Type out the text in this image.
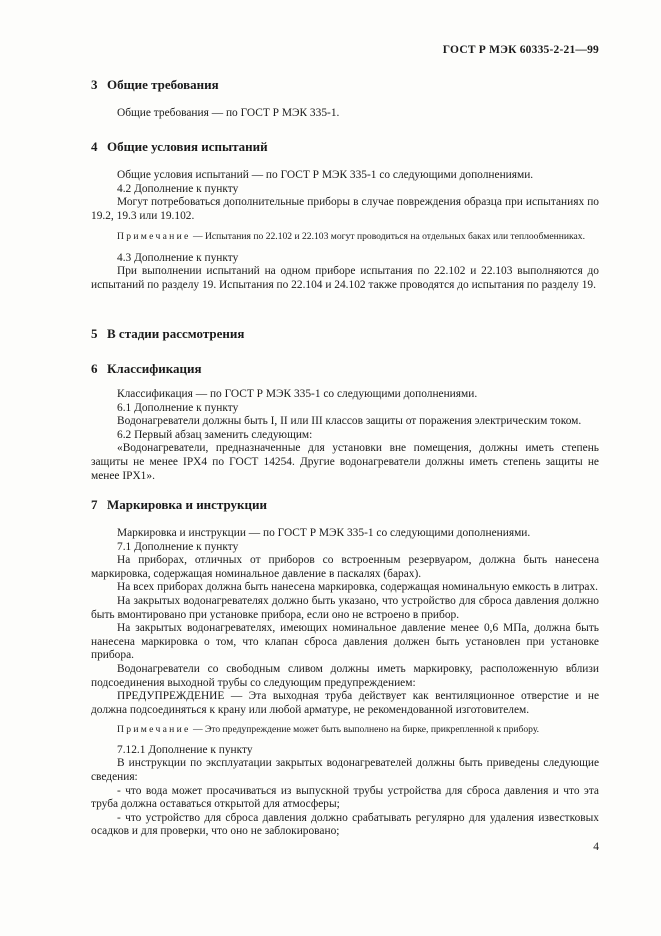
ГОСТ Р МЭК 60335-2-21—99
3 Общие требования

Общие требования — по ГОСТ Р МЭК 335-1.

4 Общие условия испытаний

Общие условия испытаний — по ГОСТ Р МЭК 335-1 со следующими дополнениями.

4.2 Дополнение к пункту

Могут потребоваться дополнительные приборы в случае повреждения образца при испытаниях по 19.2, 19.3 или 19.102.

Примечание — Испытания по 22.102 и 22.103 могут проводиться на отдельных баках или теплообменниках.

4.3 Дополнение к пункту

При выполнении испытаний на одном приборе испытания по 22.102 и 22.103 выполняются до испытаний по разделу 19. Испытания по 22.104 и 24.102 также проводятся до испытания по разделу 19.

5 В стадии рассмотрения
6 Классификация

Классификация — по ГОСТ Р МЭК 335-1 со следующими дополнениями.

6.1 Дополнение к пункту

Водонагреватели должны быть I, II или III классов защиты от поражения электрическим током.

6.2 Первый абзац заменить следующим:

«Водонагреватели, предназначенные для установки вне помещения, должны иметь степень защиты не менее IPX4 по ГОСТ 14254. Другие водонагреватели должны иметь степень защиты не менее IPX1».

7 Маркировка и инструкции

Маркировка и инструкции — по ГОСТ Р МЭК 335-1 со следующими дополнениями.

7.1 Дополнение к пункту

На приборах, отличных от приборов со встроенным резервуаром, должна быть нанесена маркировка, содержащая номинальное давление в паскалях (барах).

На всех приборах должна быть нанесена маркировка, содержащая номинальную емкость в литрах.

На закрытых водонагревателях должно быть указано, что устройство для сброса давления должно быть вмонтировано при установке прибора, если оно не встроено в прибор.

На закрытых водонагревателях, имеющих номинальное давление менее 0,6 МПа, должна быть нанесена маркировка о том, что клапан сброса давления должен быть установлен при установке прибора.

Водонагреватели со свободным сливом должны иметь маркировку, расположенную вблизи подсоединения выходной трубы со следующим предупреждением:

ПРЕДУПРЕЖДЕНИЕ — Эта выходная труба действует как вентиляционное отверстие и не должна подсоединяться к крану или любой арматуре, не рекомендованной изготовителем.

Примечание — Это предупреждение может быть выполнено на бирке, прикрепленной к прибору.

7.12.1 Дополнение к пункту

В инструкции по эксплуатации закрытых водонагревателей должны быть приведены следующие сведения:

- что вода может просачиваться из выпускной трубы устройства для сброса давления и что эта труба должна оставаться открытой для атмосферы;

- что устройство для сброса давления должно срабатывать регулярно для удаления известковых осадков и для проверки, что оно не заблокировано;

4
